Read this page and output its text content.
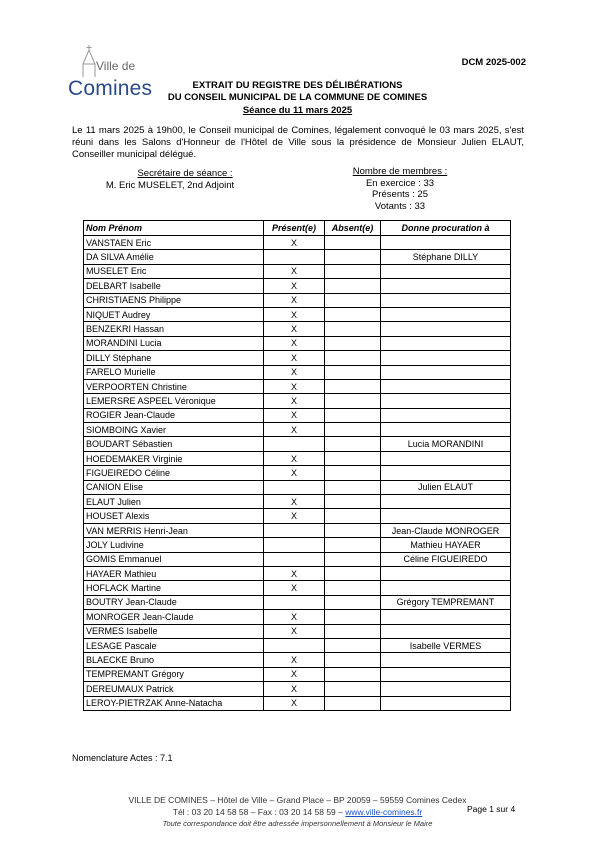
Ville de
Comines
DCM 2025-002
EXTRAIT DU REGISTRE DES DÉLIBÉRATIONS
DU CONSEIL MUNICIPAL DE LA COMMUNE DE COMINES
Séance du 11 mars 2025
Le 11 mars 2025 à 19h00, le Conseil municipal de Comines, légalement convoqué le 03 mars 2025, s'est réuni dans les Salons d'Honneur de l'Hôtel de Ville sous la présidence de Monsieur Julien ELAUT, Conseiller municipal délégué.
Secrétaire de séance :
M. Eric MUSELET, 2nd Adjoint
Nombre de membres :
En exercice : 33
Présents : 25
Votants : 33
Nom Prénom	Présent(e)	Absent(e)	Donne procuration à
VANSTAEN Eric	X		
DA SILVA Amélie			Stéphane DILLY
MUSELET Eric	X		
DELBART Isabelle	X		
CHRISTIAENS Philippe	X		
NIQUET Audrey	X		
BENZEKRI Hassan	X		
MORANDINI Lucia	X		
DILLY Stéphane	X		
FARELO Murielle	X		
VERPOORTEN Christine	X		
LEMERSRE ASPEEL Véronique	X		
ROGIER Jean-Claude	X		
SIOMBOING Xavier	X		
BOUDART Sébastien			Lucia MORANDINI
HOEDEMAKER Virginie	X		
FIGUEIREDO Céline	X		
CANION Elise			Julien ELAUT
ELAUT Julien	X		
HOUSET Alexis	X		
VAN MERRIS Henri-Jean			Jean-Claude MONROGER
JOLY Ludivine			Mathieu HAYAER
GOMIS Emmanuel			Céline FIGUEIREDO
HAYAER Mathieu	X		
HOFLACK Martine	X		
BOUTRY Jean-Claude			Grégory TEMPREMANT
MONROGER Jean-Claude	X		
VERMES Isabelle	X		
LESAGE Pascale			Isabelle VERMES
BLAECKE Bruno	X		
TEMPREMANT Grégory	X		
DEREUMAUX Patrick	X		
LEROY-PIETRZAK Anne-Natacha	X		
Nomenclature Actes : 7.1
VILLE DE COMINES – Hôtel de Ville – Grand Place – BP 20059 – 59559 Comines Cedex
Tél : 03 20 14 58 58 – Fax : 03 20 14 58 59 – www.ville-comines.fr
Toute correspondance doit être adressée impersonnellement à Monsieur le Maire
Page 1 sur 4
